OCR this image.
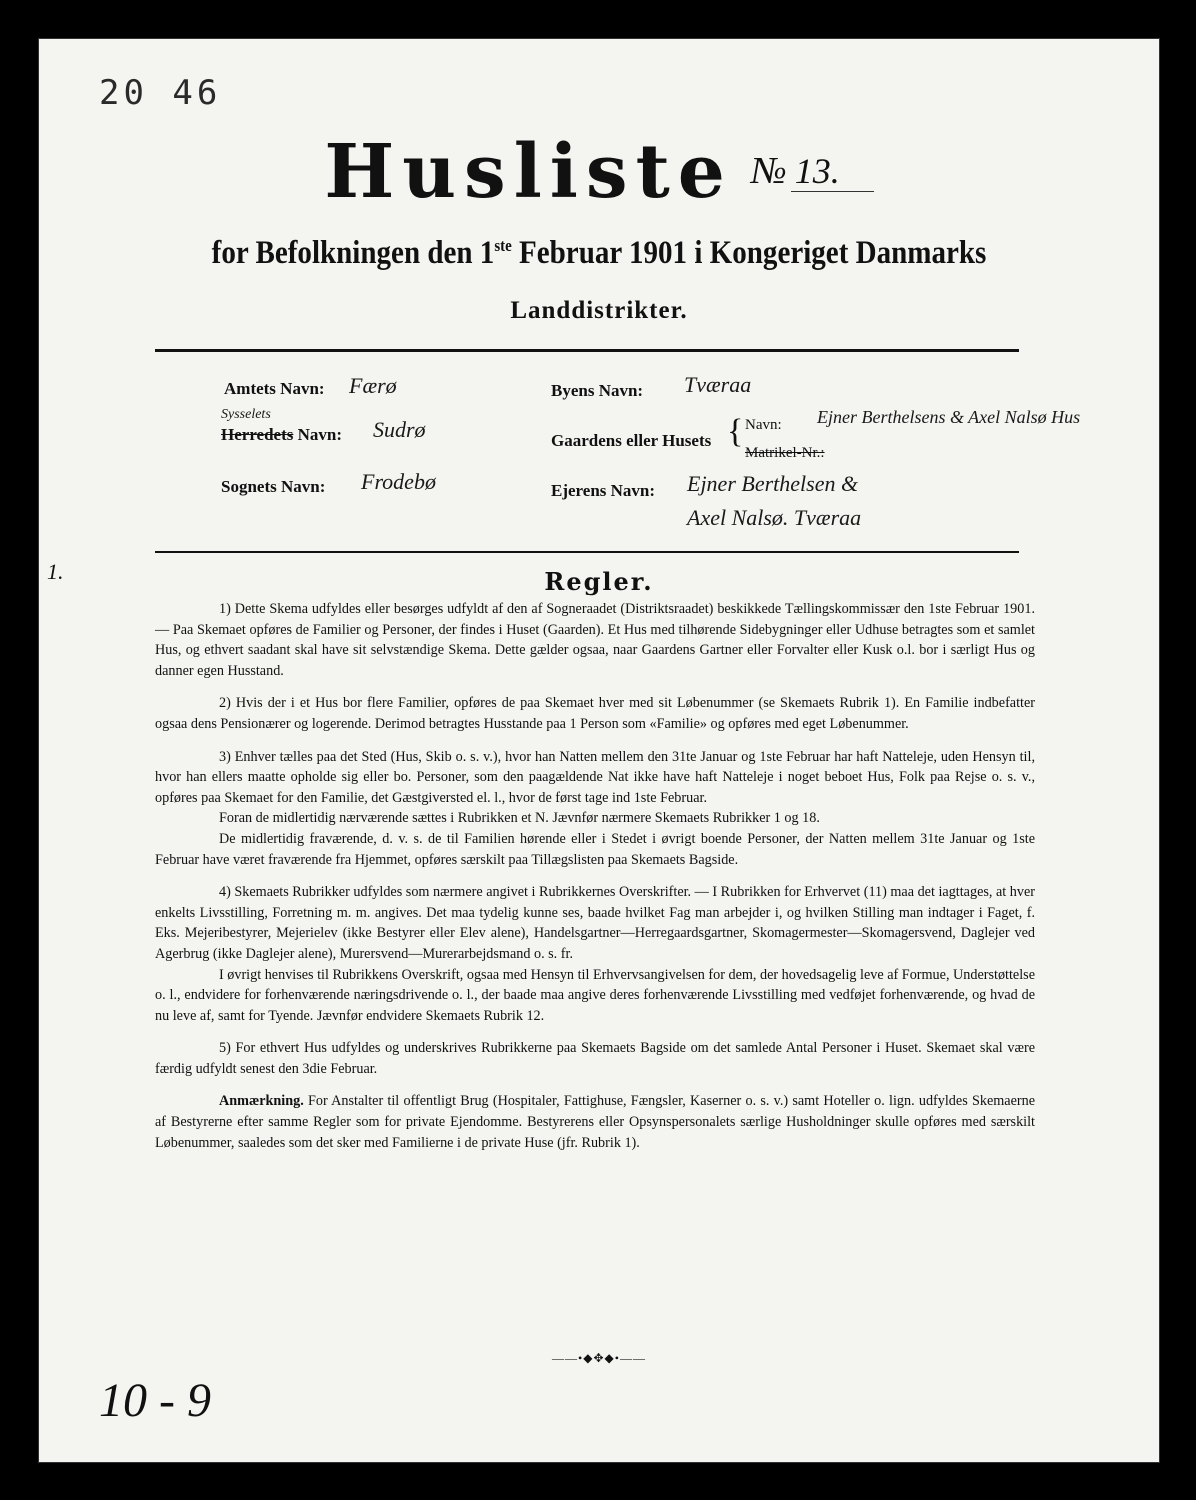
20 46
1.
Husliste № 13.
for Befolkningen den 1ste Februar 1901 i Kongeriget Danmarks
Landdistrikter.
Amtets Navn: Færø
Sysselets
Herredets Navn: Sudrø
Sognets Navn: Frodebø
Byens Navn: Tværaa
Gaardens eller Husets { Navn: Ejner Berthelsens & Axel Nalsø Hus
Matrikel-Nr.:
Ejerens Navn: Ejner Berthelsen &
Axel Nalsø. Tværaa
Regler.

1) Dette Skema udfyldes eller besørges udfyldt af den af Sogneraadet (Distriktsraadet) beskikkede Tællingskommissær den 1ste Februar 1901. — Paa Skemaet opføres de Familier og Personer, der findes i Huset (Gaarden). Et Hus med tilhørende Sidebygninger eller Udhuse betragtes som et samlet Hus, og ethvert saadant skal have sit selvstændige Skema. Dette gælder ogsaa, naar Gaardens Gartner eller Forvalter eller Kusk o.l. bor i særligt Hus og danner egen Husstand.

2) Hvis der i et Hus bor flere Familier, opføres de paa Skemaet hver med sit Løbenummer (se Skemaets Rubrik 1). En Familie indbefatter ogsaa dens Pensionærer og logerende. Derimod betragtes Husstande paa 1 Person som «Familie» og opføres med eget Løbenummer.

3) Enhver tælles paa det Sted (Hus, Skib o. s. v.), hvor han Natten mellem den 31te Januar og 1ste Februar har haft Natteleje, uden Hensyn til, hvor han ellers maatte opholde sig eller bo. Personer, som den paagældende Nat ikke have haft Natteleje i noget beboet Hus, Folk paa Rejse o. s. v., opføres paa Skemaet for den Familie, det Gæstgiversted el. l., hvor de først tage ind 1ste Februar.

Foran de midlertidig nærværende sættes i Rubrikken et N. Jævnfør nærmere Skemaets Rubrikker 1 og 18.

De midlertidig fraværende, d. v. s. de til Familien hørende eller i Stedet i øvrigt boende Personer, der Natten mellem 31te Januar og 1ste Februar have været fraværende fra Hjemmet, opføres særskilt paa Tillægslisten paa Skemaets Bagside.

4) Skemaets Rubrikker udfyldes som nærmere angivet i Rubrikkernes Overskrifter. — I Rubrikken for Erhvervet (11) maa det iagttages, at hver enkelts Livsstilling, Forretning m. m. angives. Det maa tydelig kunne ses, baade hvilket Fag man arbejder i, og hvilken Stilling man indtager i Faget, f. Eks. Mejeribestyrer, Mejerielev (ikke Bestyrer eller Elev alene), Handelsgartner—Herregaardsgartner, Skomagermester—Skomagersvend, Daglejer ved Agerbrug (ikke Daglejer alene), Murersvend—Murerarbejdsmand o. s. fr.

I øvrigt henvises til Rubrikkens Overskrift, ogsaa med Hensyn til Erhvervsangivelsen for dem, der hovedsagelig leve af Formue, Understøttelse o. l., endvidere for forhenværende næringsdrivende o. l., der baade maa angive deres forhenværende Livsstilling med vedføjet forhenværende, og hvad de nu leve af, samt for Tyende. Jævnfør endvidere Skemaets Rubrik 12.

5) For ethvert Hus udfyldes og underskrives Rubrikkerne paa Skemaets Bagside om det samlede Antal Personer i Huset. Skemaet skal være færdig udfyldt senest den 3die Februar.

Anmærkning. For Anstalter til offentligt Brug (Hospitaler, Fattighuse, Fængsler, Kaserner o. s. v.) samt Hoteller o. lign. udfyldes Skemaerne af Bestyrerne efter samme Regler som for private Ejendomme. Bestyrerens eller Opsynspersonalets særlige Husholdninger skulle opføres med særskilt Løbenummer, saaledes som det sker med Familierne i de private Huse (jfr. Rubrik 1).

——•◆✥◆•——
10 - 9
